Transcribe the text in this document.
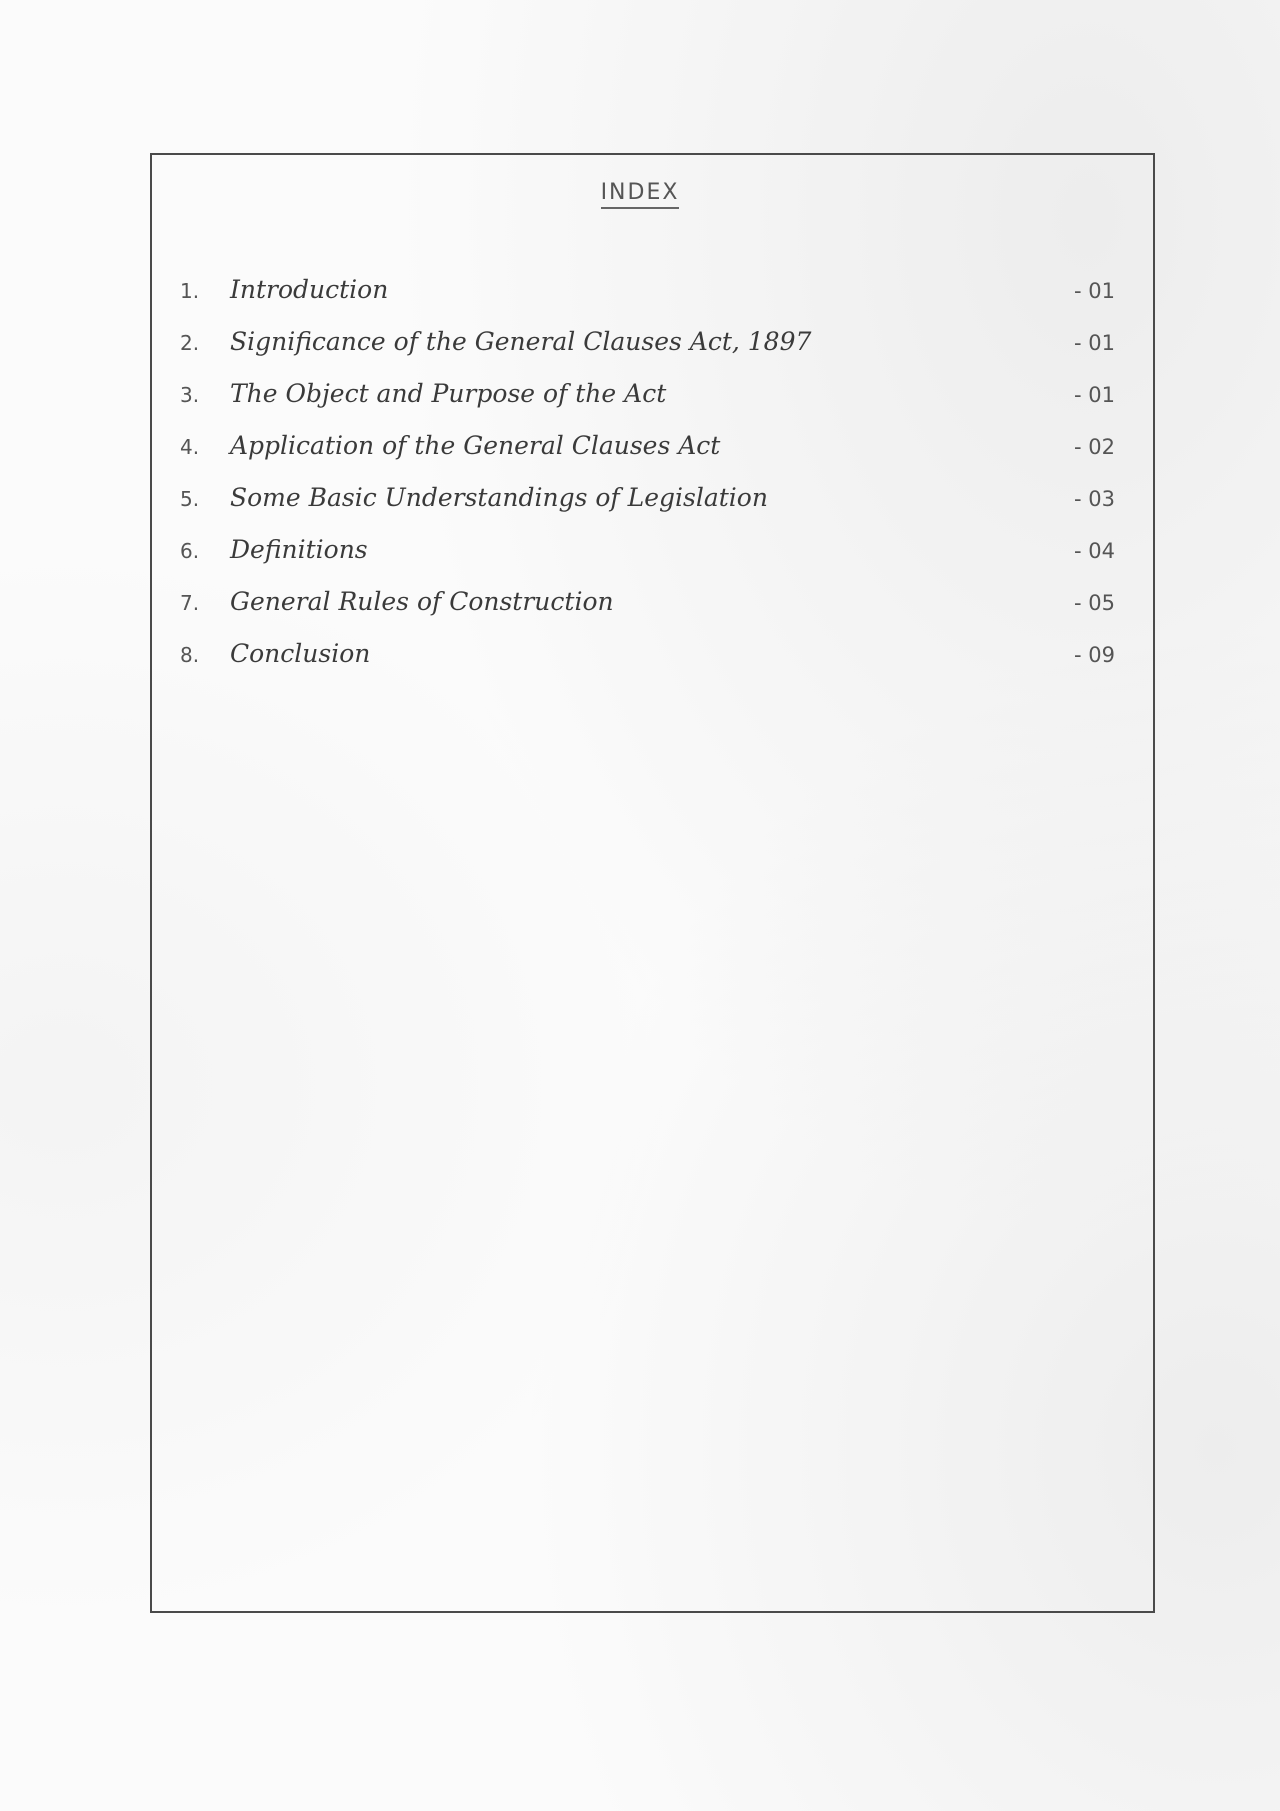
INDEX
1.	Introduction	- 01
2.	Significance of the General Clauses Act, 1897	- 01
3.	The Object and Purpose of the Act	- 01
4.	Application of the General Clauses Act	- 02
5.	Some Basic Understandings of Legislation	- 03
6.	Definitions	- 04
7.	General Rules of Construction	- 05
8.	Conclusion	- 09
